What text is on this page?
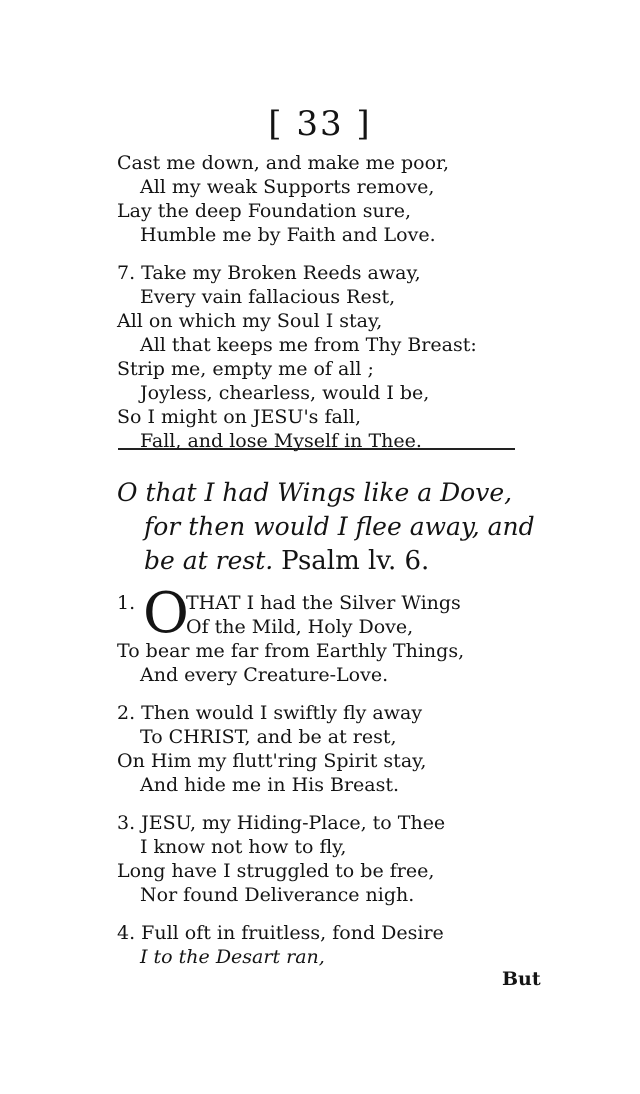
[ 33 ]
Cast me down, and make me poor,
All my weak Supports remove,
Lay the deep Foundation sure,
Humble me by Faith and Love.
7. Take my Broken Reeds away,
Every vain fallacious Rest,
All on which my Soul I stay,
All that keeps me from Thy Breast:
Strip me, empty me of all ;
Joyless, chearless, would I be,
So I might on JESU's fall,
Fall, and lose Myself in Thee.
O that I had Wings like a Dove,
for then would I flee away, and
be at rest. Psalm lv. 6.
1. O
THAT I had the Silver Wings
Of the Mild, Holy Dove,
To bear me far from Earthly Things,
And every Creature-Love.
2. Then would I swiftly fly away
To CHRIST, and be at rest,
On Him my flutt'ring Spirit stay,
And hide me in His Breast.
3. JESU, my Hiding-Place, to Thee
I know not how to fly,
Long have I struggled to be free,
Nor found Deliverance nigh.
4. Full oft in fruitless, fond Desire
I to the Desart ran,
But
